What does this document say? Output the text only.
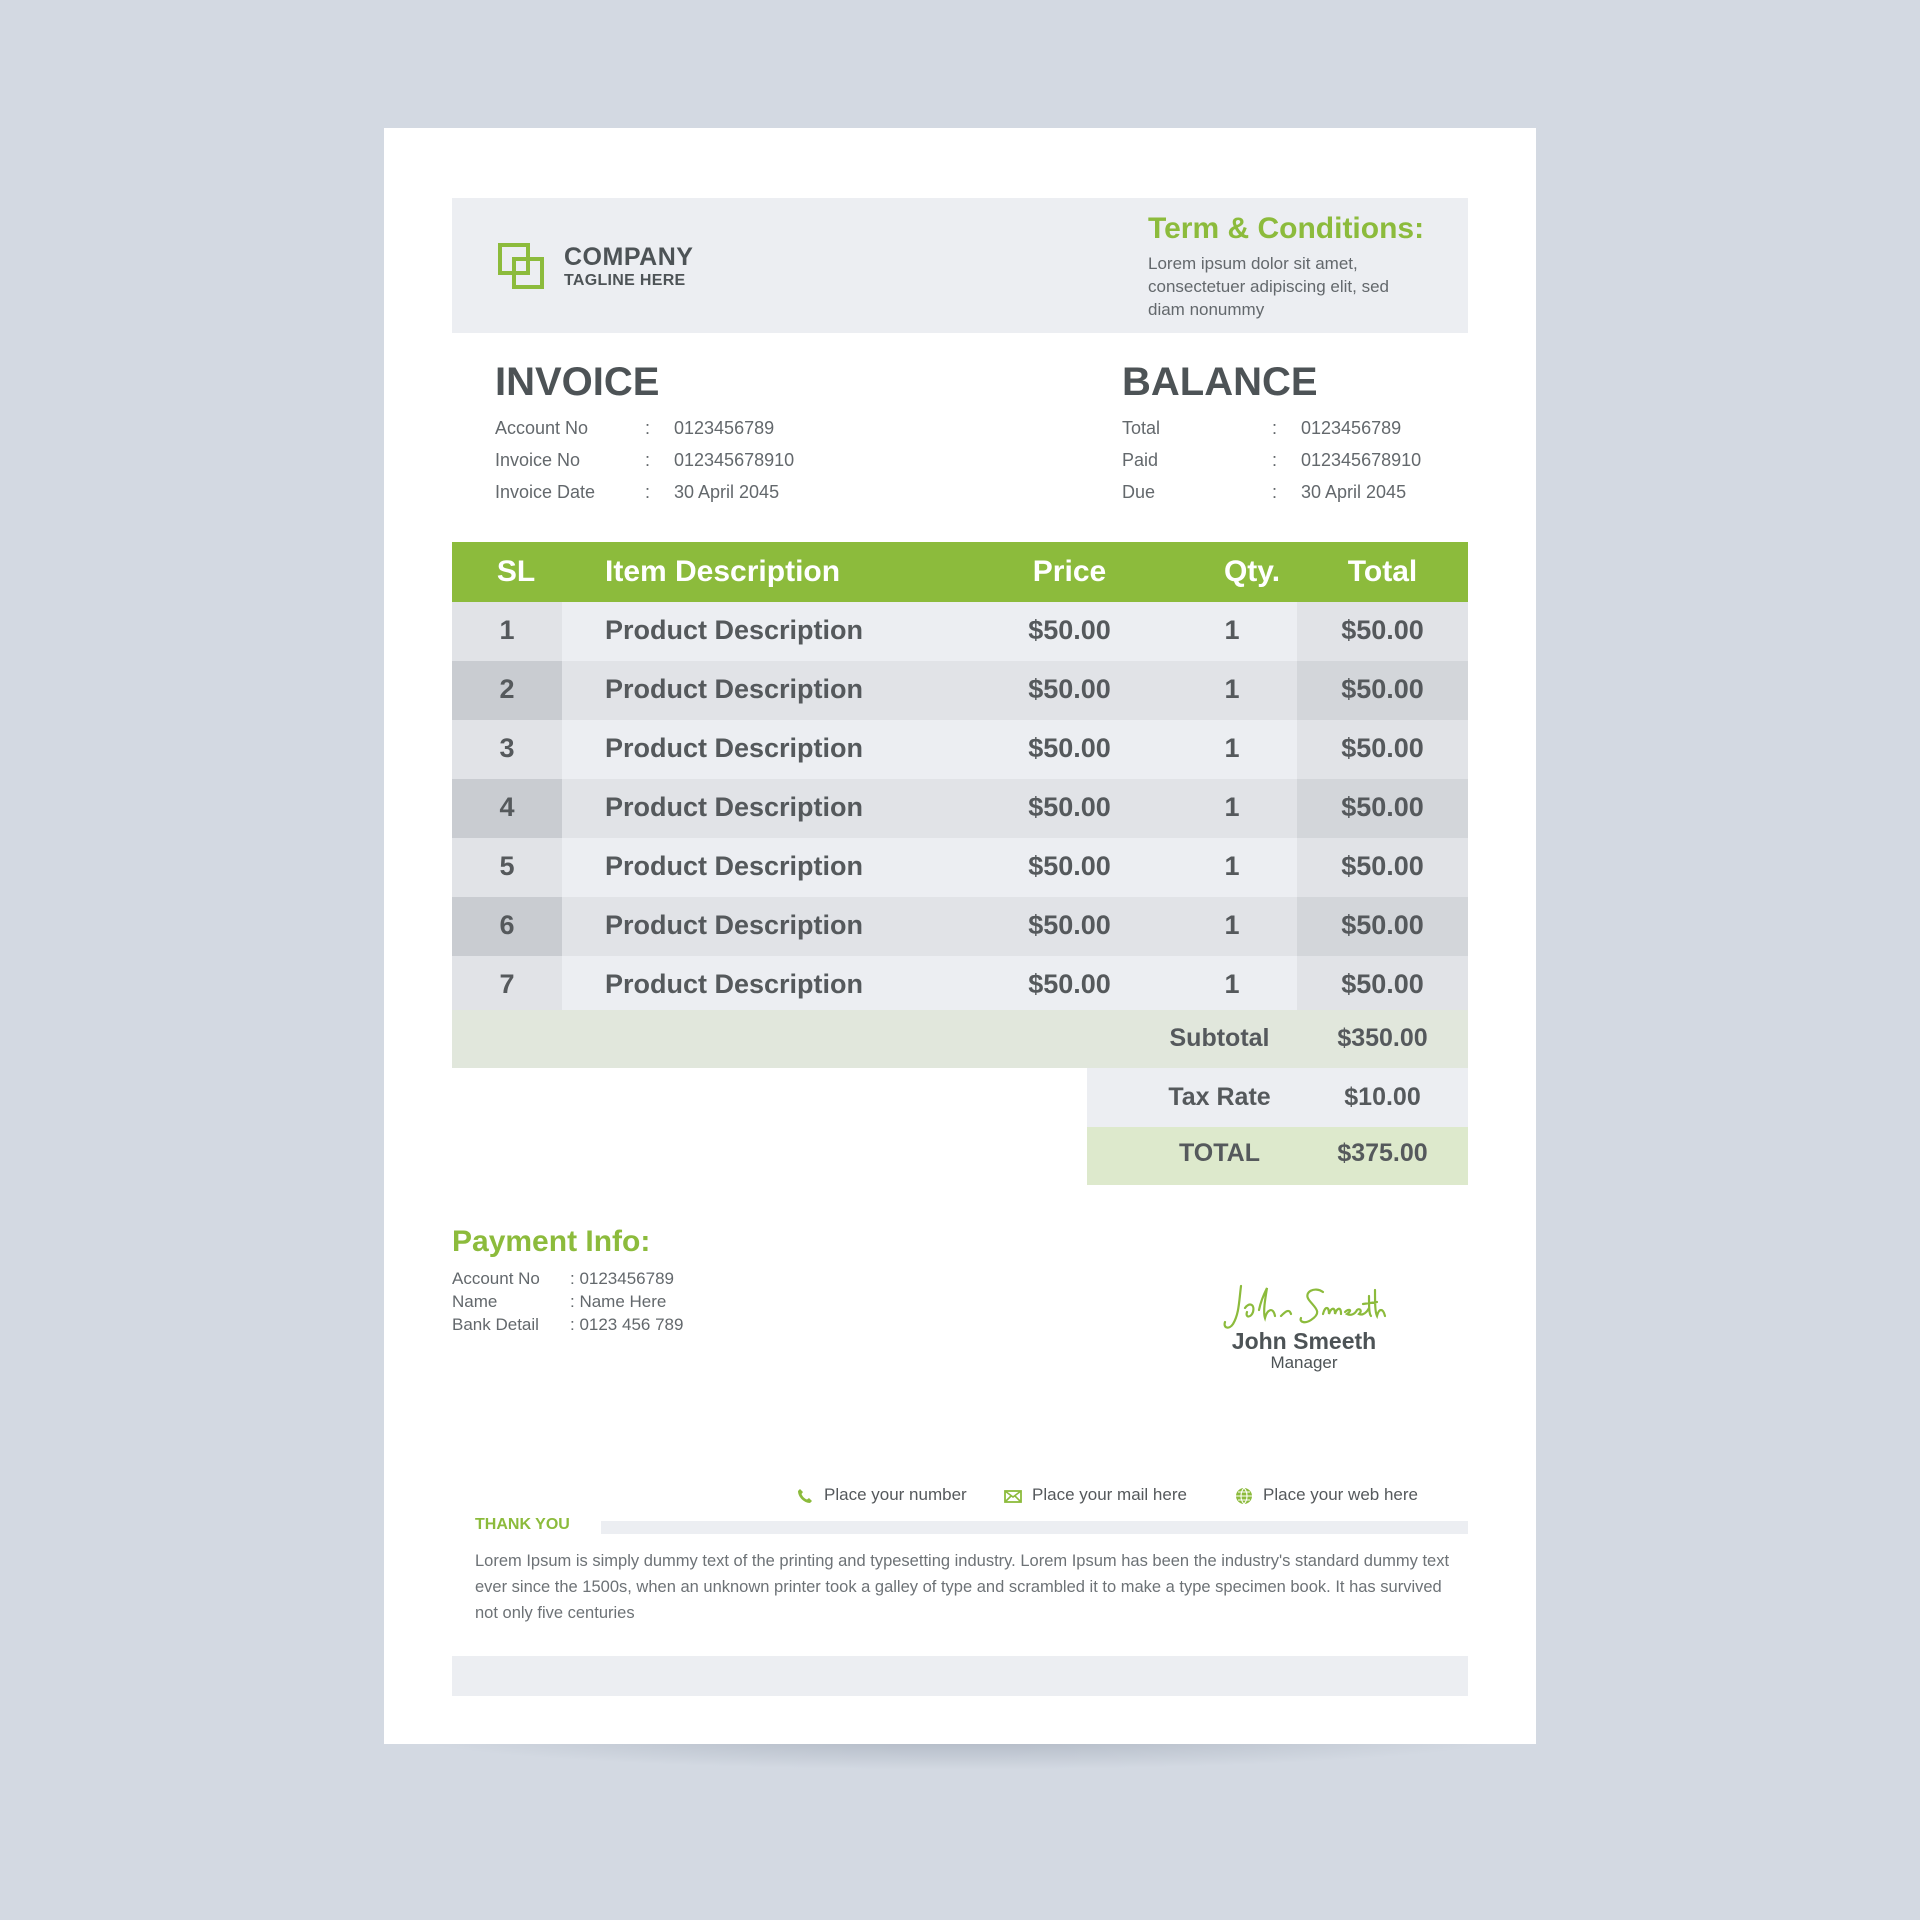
COMPANY
TAGLINE HERE
Term & Conditions:
Lorem ipsum dolor sit amet,
consectetuer adipiscing elit, sed
diam nonummy
INVOICE
Account No	: 0123456789
Invoice No	: 012345678910
Invoice Date	: 30 April 2045
BALANCE
Total	: 0123456789
Paid	: 012345678910
Due	: 30 April 2045
SL	Item Description	Price	Qty.	Total
1	Product Description	$50.00	1	$50.00
2	Product Description	$50.00	1	$50.00
3	Product Description	$50.00	1	$50.00
4	Product Description	$50.00	1	$50.00
5	Product Description	$50.00	1	$50.00
6	Product Description	$50.00	1	$50.00
7	Product Description	$50.00	1	$50.00
Subtotal	$350.00
Tax Rate	$10.00
TOTAL	$375.00
Payment Info:
Account No : 0123456789
Name	: Name Here
Bank Detail : 0123 456 789
John Smeeth
Manager
Place your number	Place your mail here	Place your web here
THANK YOU
Lorem Ipsum is simply dummy text of the printing and typesetting industry. Lorem Ipsum has been the industry's standard dummy text ever since the 1500s, when an unknown printer took a galley of type and scrambled it to make a type specimen book. It has survived not only five centuries
